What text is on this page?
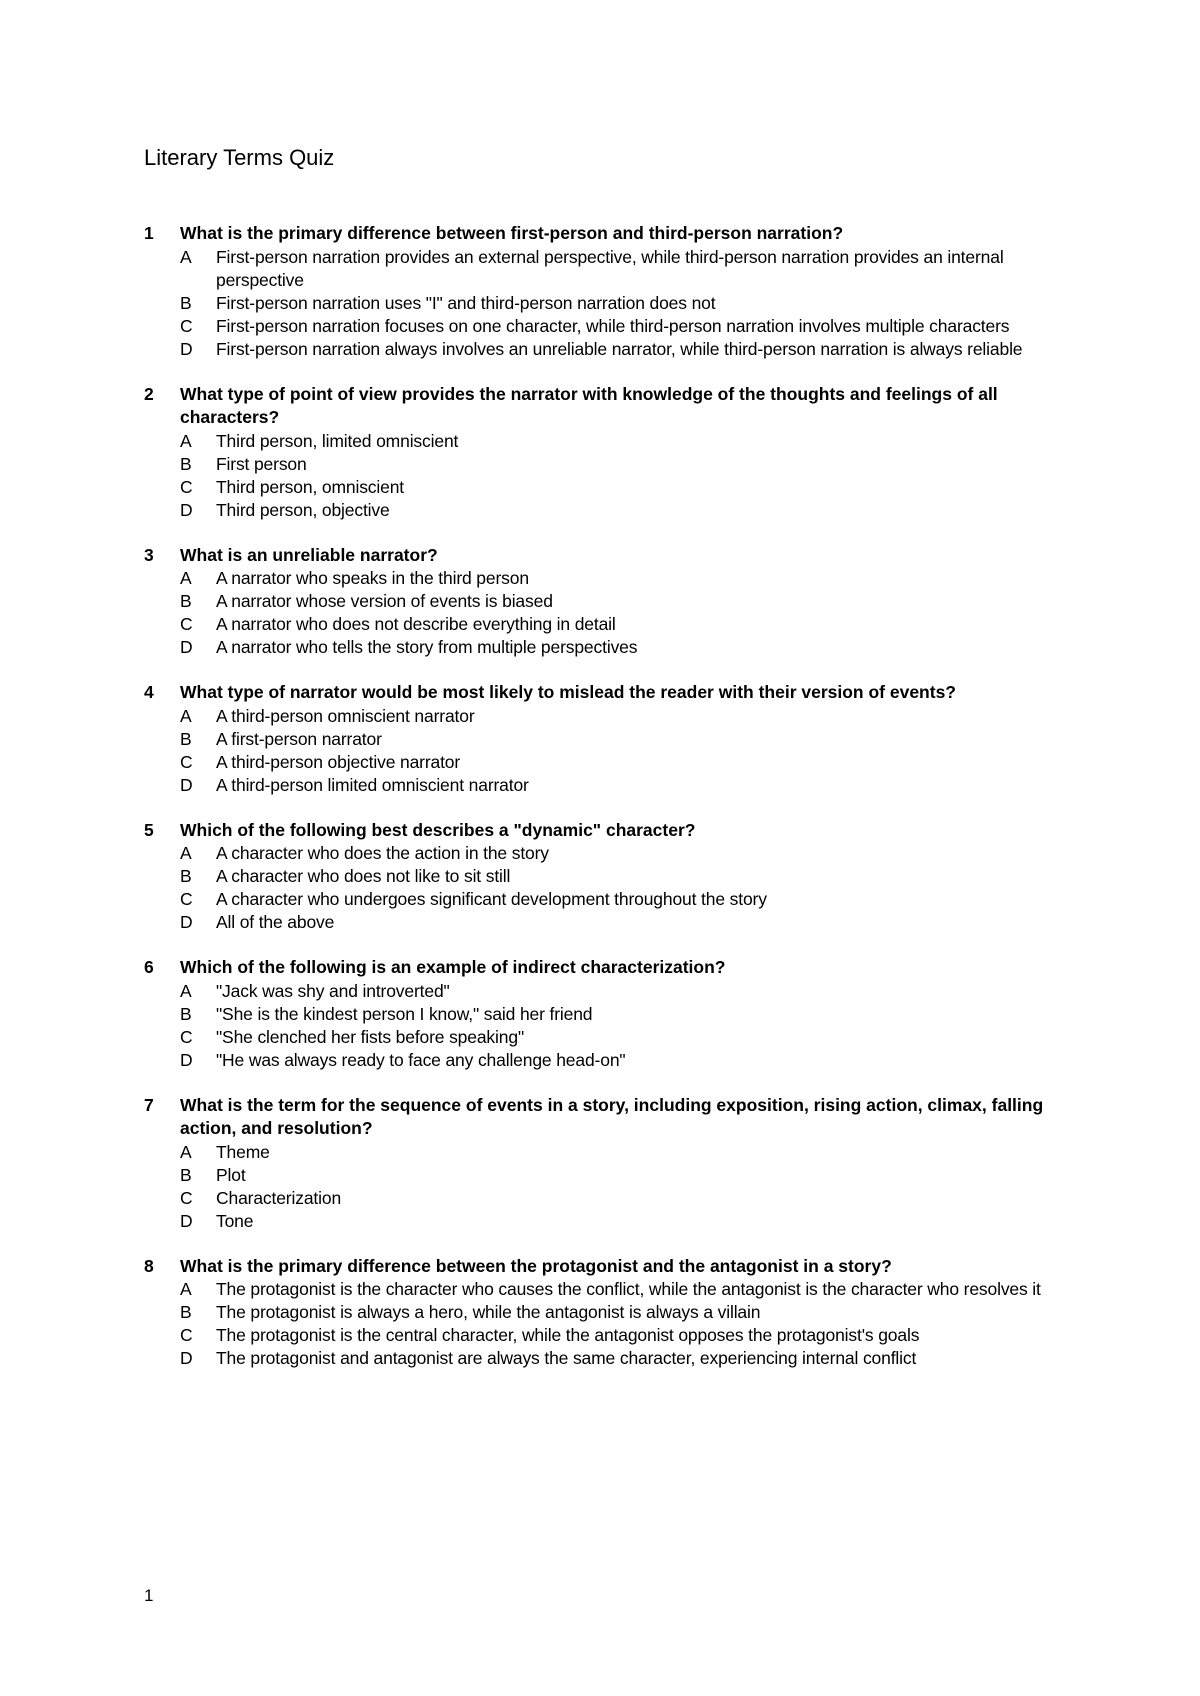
Literary Terms Quiz
1	What is the primary difference between first-person and third-person narration?
A	First-person narration provides an external perspective, while third-person narration provides an internal perspective
B	First-person narration uses "I" and third-person narration does not
C	First-person narration focuses on one character, while third-person narration involves multiple characters
D	First-person narration always involves an unreliable narrator, while third-person narration is always reliable
2	What type of point of view provides the narrator with knowledge of the thoughts and feelings of all characters?
A	Third person, limited omniscient
B	First person
C	Third person, omniscient
D	Third person, objective
3	What is an unreliable narrator?
A	A narrator who speaks in the third person
B	A narrator whose version of events is biased
C	A narrator who does not describe everything in detail
D	A narrator who tells the story from multiple perspectives
4	What type of narrator would be most likely to mislead the reader with their version of events?
A	A third-person omniscient narrator
B	A first-person narrator
C	A third-person objective narrator
D	A third-person limited omniscient narrator
5	Which of the following best describes a "dynamic" character?
A	A character who does the action in the story
B	A character who does not like to sit still
C	A character who undergoes significant development throughout the story
D	All of the above
6	Which of the following is an example of indirect characterization?
A	"Jack was shy and introverted"
B	"She is the kindest person I know," said her friend
C	"She clenched her fists before speaking"
D	"He was always ready to face any challenge head-on"
7	What is the term for the sequence of events in a story, including exposition, rising action, climax, falling action, and resolution?
A	Theme
B	Plot
C	Characterization
D	Tone
8	What is the primary difference between the protagonist and the antagonist in a story?
A	The protagonist is the character who causes the conflict, while the antagonist is the character who resolves it
B	The protagonist is always a hero, while the antagonist is always a villain
C	The protagonist is the central character, while the antagonist opposes the protagonist's goals
D	The protagonist and antagonist are always the same character, experiencing internal conflict
1
